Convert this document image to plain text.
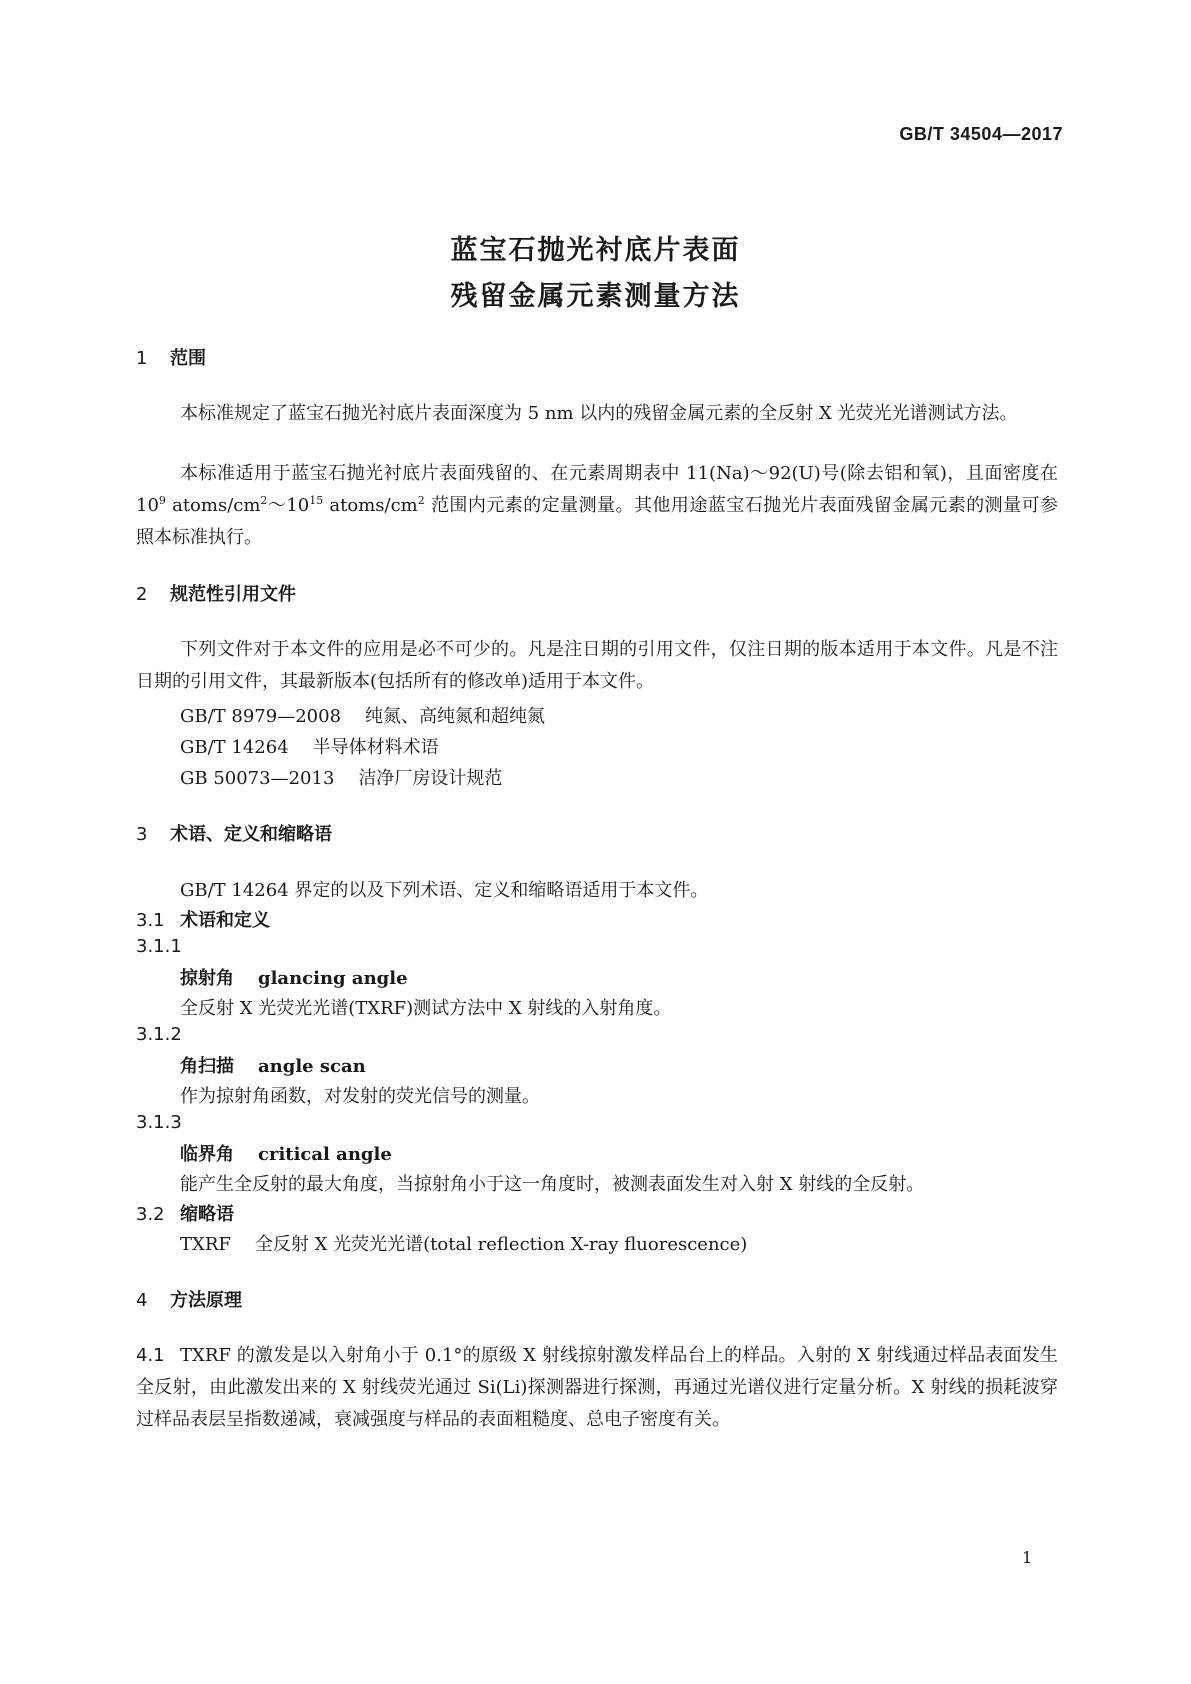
GB/T 34504—2017
蓝宝石抛光衬底片表面
残留金属元素测量方法
1 范围
本标准规定了蓝宝石抛光衬底片表面深度为 5 nm 以内的残留金属元素的全反射 X 光荧光光谱测试方法。
本标准适用于蓝宝石抛光衬底片表面残留的、在元素周期表中 11(Na)～92(U)号(除去铝和氧)，且面密度在 $10^9$ atoms/$cm^2\sim 10^{15}$ atoms/$cm^2$ 范围内元素的定量测量。其他用途蓝宝石抛光片表面残留金属元素的测量可参照本标准执行。
2 规范性引用文件
下列文件对于本文件的应用是必不可少的。凡是注日期的引用文件，仅注日期的版本适用于本文件。凡是不注日期的引用文件，其最新版本(包括所有的修改单)适用于本文件。
GB/T 8979—2008 纯氮、高纯氮和超纯氮
GB/T 14264 半导体材料术语
GB 50073—2013 洁净厂房设计规范
3 术语、定义和缩略语
GB/T 14264 界定的以及下列术语、定义和缩略语适用于本文件。
3.1 术语和定义
3.1.1
掠射角 glancing angle
全反射 X 光荧光光谱(TXRF)测试方法中 X 射线的入射角度。
3.1.2
角扫描 angle scan
作为掠射角函数，对发射的荧光信号的测量。
3.1.3
临界角 critical angle
能产生全反射的最大角度，当掠射角小于这一角度时，被测表面发生对入射 X 射线的全反射。
3.2 缩略语
TXRF 全反射 X 光荧光光谱(total reflection X-ray fluorescence)
4 方法原理
4.1 TXRF 的激发是以入射角小于 0.1°的原级 X 射线掠射激发样品台上的样品。入射的 X 射线通过样品表面发生全反射，由此激发出来的 X 射线荧光通过 Si(Li)探测器进行探测，再通过光谱仪进行定量分析。X 射线的损耗波穿过样品表层呈指数递减，衰减强度与样品的表面粗糙度、总电子密度有关。
1
